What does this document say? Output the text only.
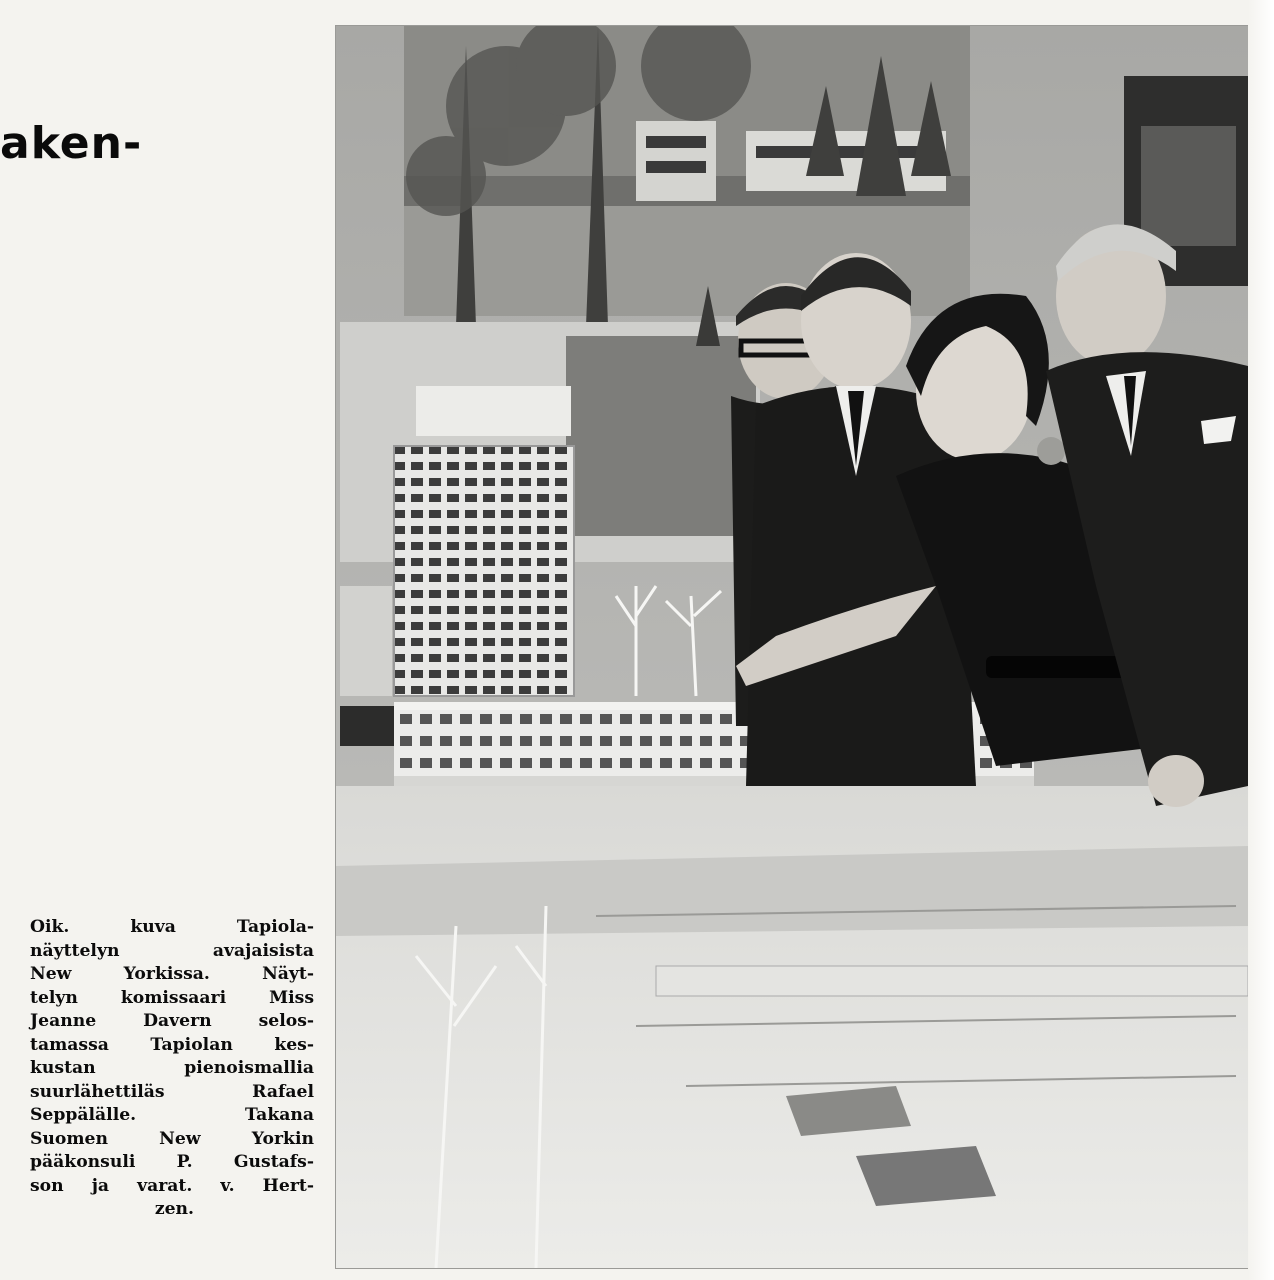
aken-
Oik. kuva Tapiola-
näyttelyn avajaisista
New Yorkissa. Näyt-
telyn komissaari Miss
Jeanne Davern selos-
tamassa Tapiolan kes-
kustan pienoismallia
suurlähettiläs Rafael
Seppälälle. Takana
Suomen New Yorkin
pääkonsuli P. Gustafs-
son ja varat. v. Hert-
zen.
